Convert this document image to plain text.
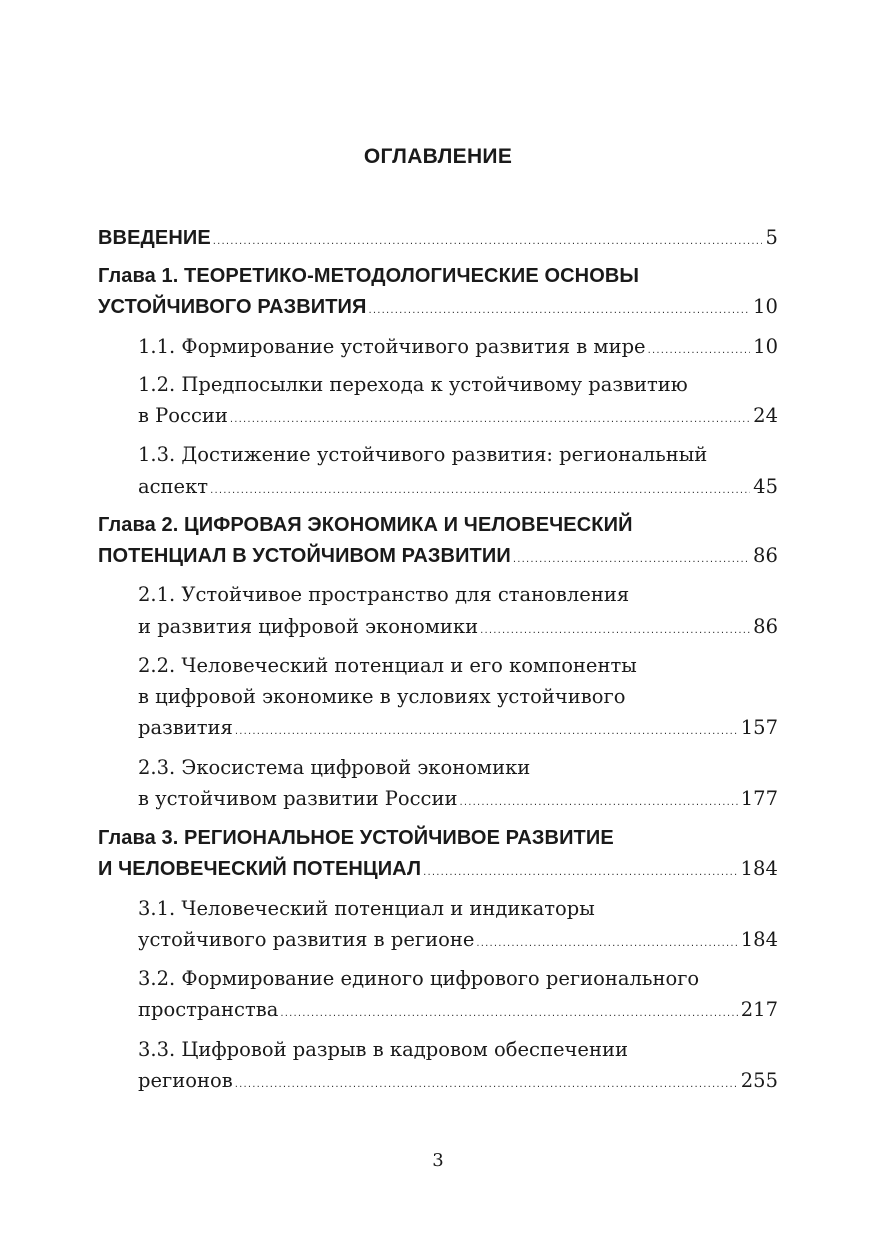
ОГЛАВЛЕНИЕ
ВВЕДЕНИЕ .....	5
Глава 1. ТЕОРЕТИКО-МЕТОДОЛОГИЧЕСКИЕ ОСНОВЫ
УСТОЙЧИВОГО РАЗВИТИЯ .....	10
1.1. Формирование устойчивого развития в мире .....	10
1.2. Предпосылки перехода к устойчивому развитию
в России .....	24
1.3. Достижение устойчивого развития: региональный
аспект .....	45
Глава 2. ЦИФРОВАЯ ЭКОНОМИКА И ЧЕЛОВЕЧЕСКИЙ
ПОТЕНЦИАЛ В УСТОЙЧИВОМ РАЗВИТИИ .....	86
2.1. Устойчивое пространство для становления
и развития цифровой экономики .....	86
2.2. Человеческий потенциал и его компоненты
в цифровой экономике в условиях устойчивого
развития .....	157
2.3. Экосистема цифровой экономики
в устойчивом развитии России .....	177
Глава 3. РЕГИОНАЛЬНОЕ УСТОЙЧИВОЕ РАЗВИТИЕ
И ЧЕЛОВЕЧЕСКИЙ ПОТЕНЦИАЛ .....	184
3.1. Человеческий потенциал и индикаторы
устойчивого развития в регионе .....	184
3.2. Формирование единого цифрового регионального
пространства .....	217
3.3. Цифровой разрыв в кадровом обеспечении
регионов .....	255
3
